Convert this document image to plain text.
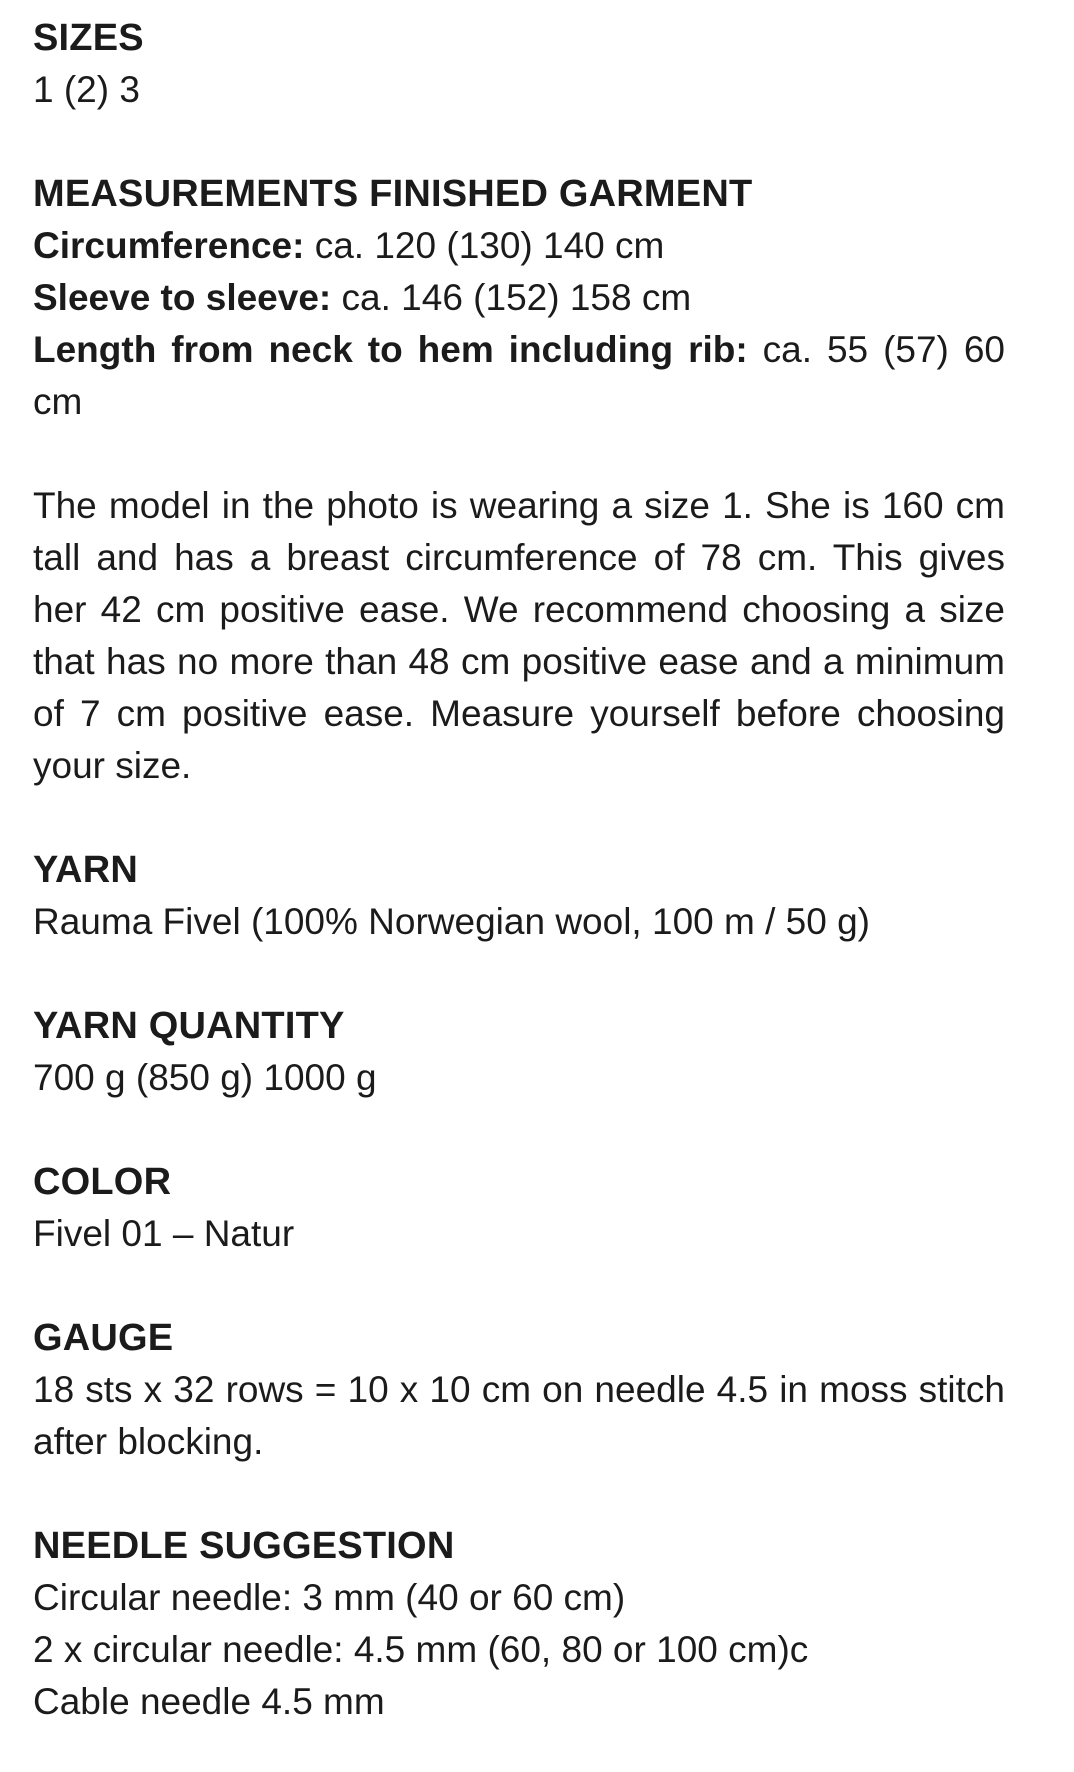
SIZES

1 (2) 3

MEASUREMENTS FINISHED GARMENT

Circumference: ca. 120 (130) 140 cm

Sleeve to sleeve: ca. 146 (152) 158 cm

Length from neck to hem including rib: ca. 55 (57) 60 cm

The model in the photo is wearing a size 1. She is 160 cm tall and has a breast circumference of 78 cm. This gives her 42 cm positive ease. We recommend choosing a size that has no more than 48 cm positive ease and a minimum of 7 cm positive ease. Measure yourself before choosing your size.

YARN

Rauma Fivel (100% Norwegian wool, 100 m / 50 g)

YARN QUANTITY

700 g (850 g) 1000 g

COLOR

Fivel 01 – Natur

GAUGE

18 sts x 32 rows = 10 x 10 cm on needle 4.5 in moss stitch after blocking.

NEEDLE SUGGESTION

Circular needle: 3 mm (40 or 60 cm)

2 x circular needle: 4.5 mm (60, 80 or 100 cm)c

Cable needle 4.5 mm
